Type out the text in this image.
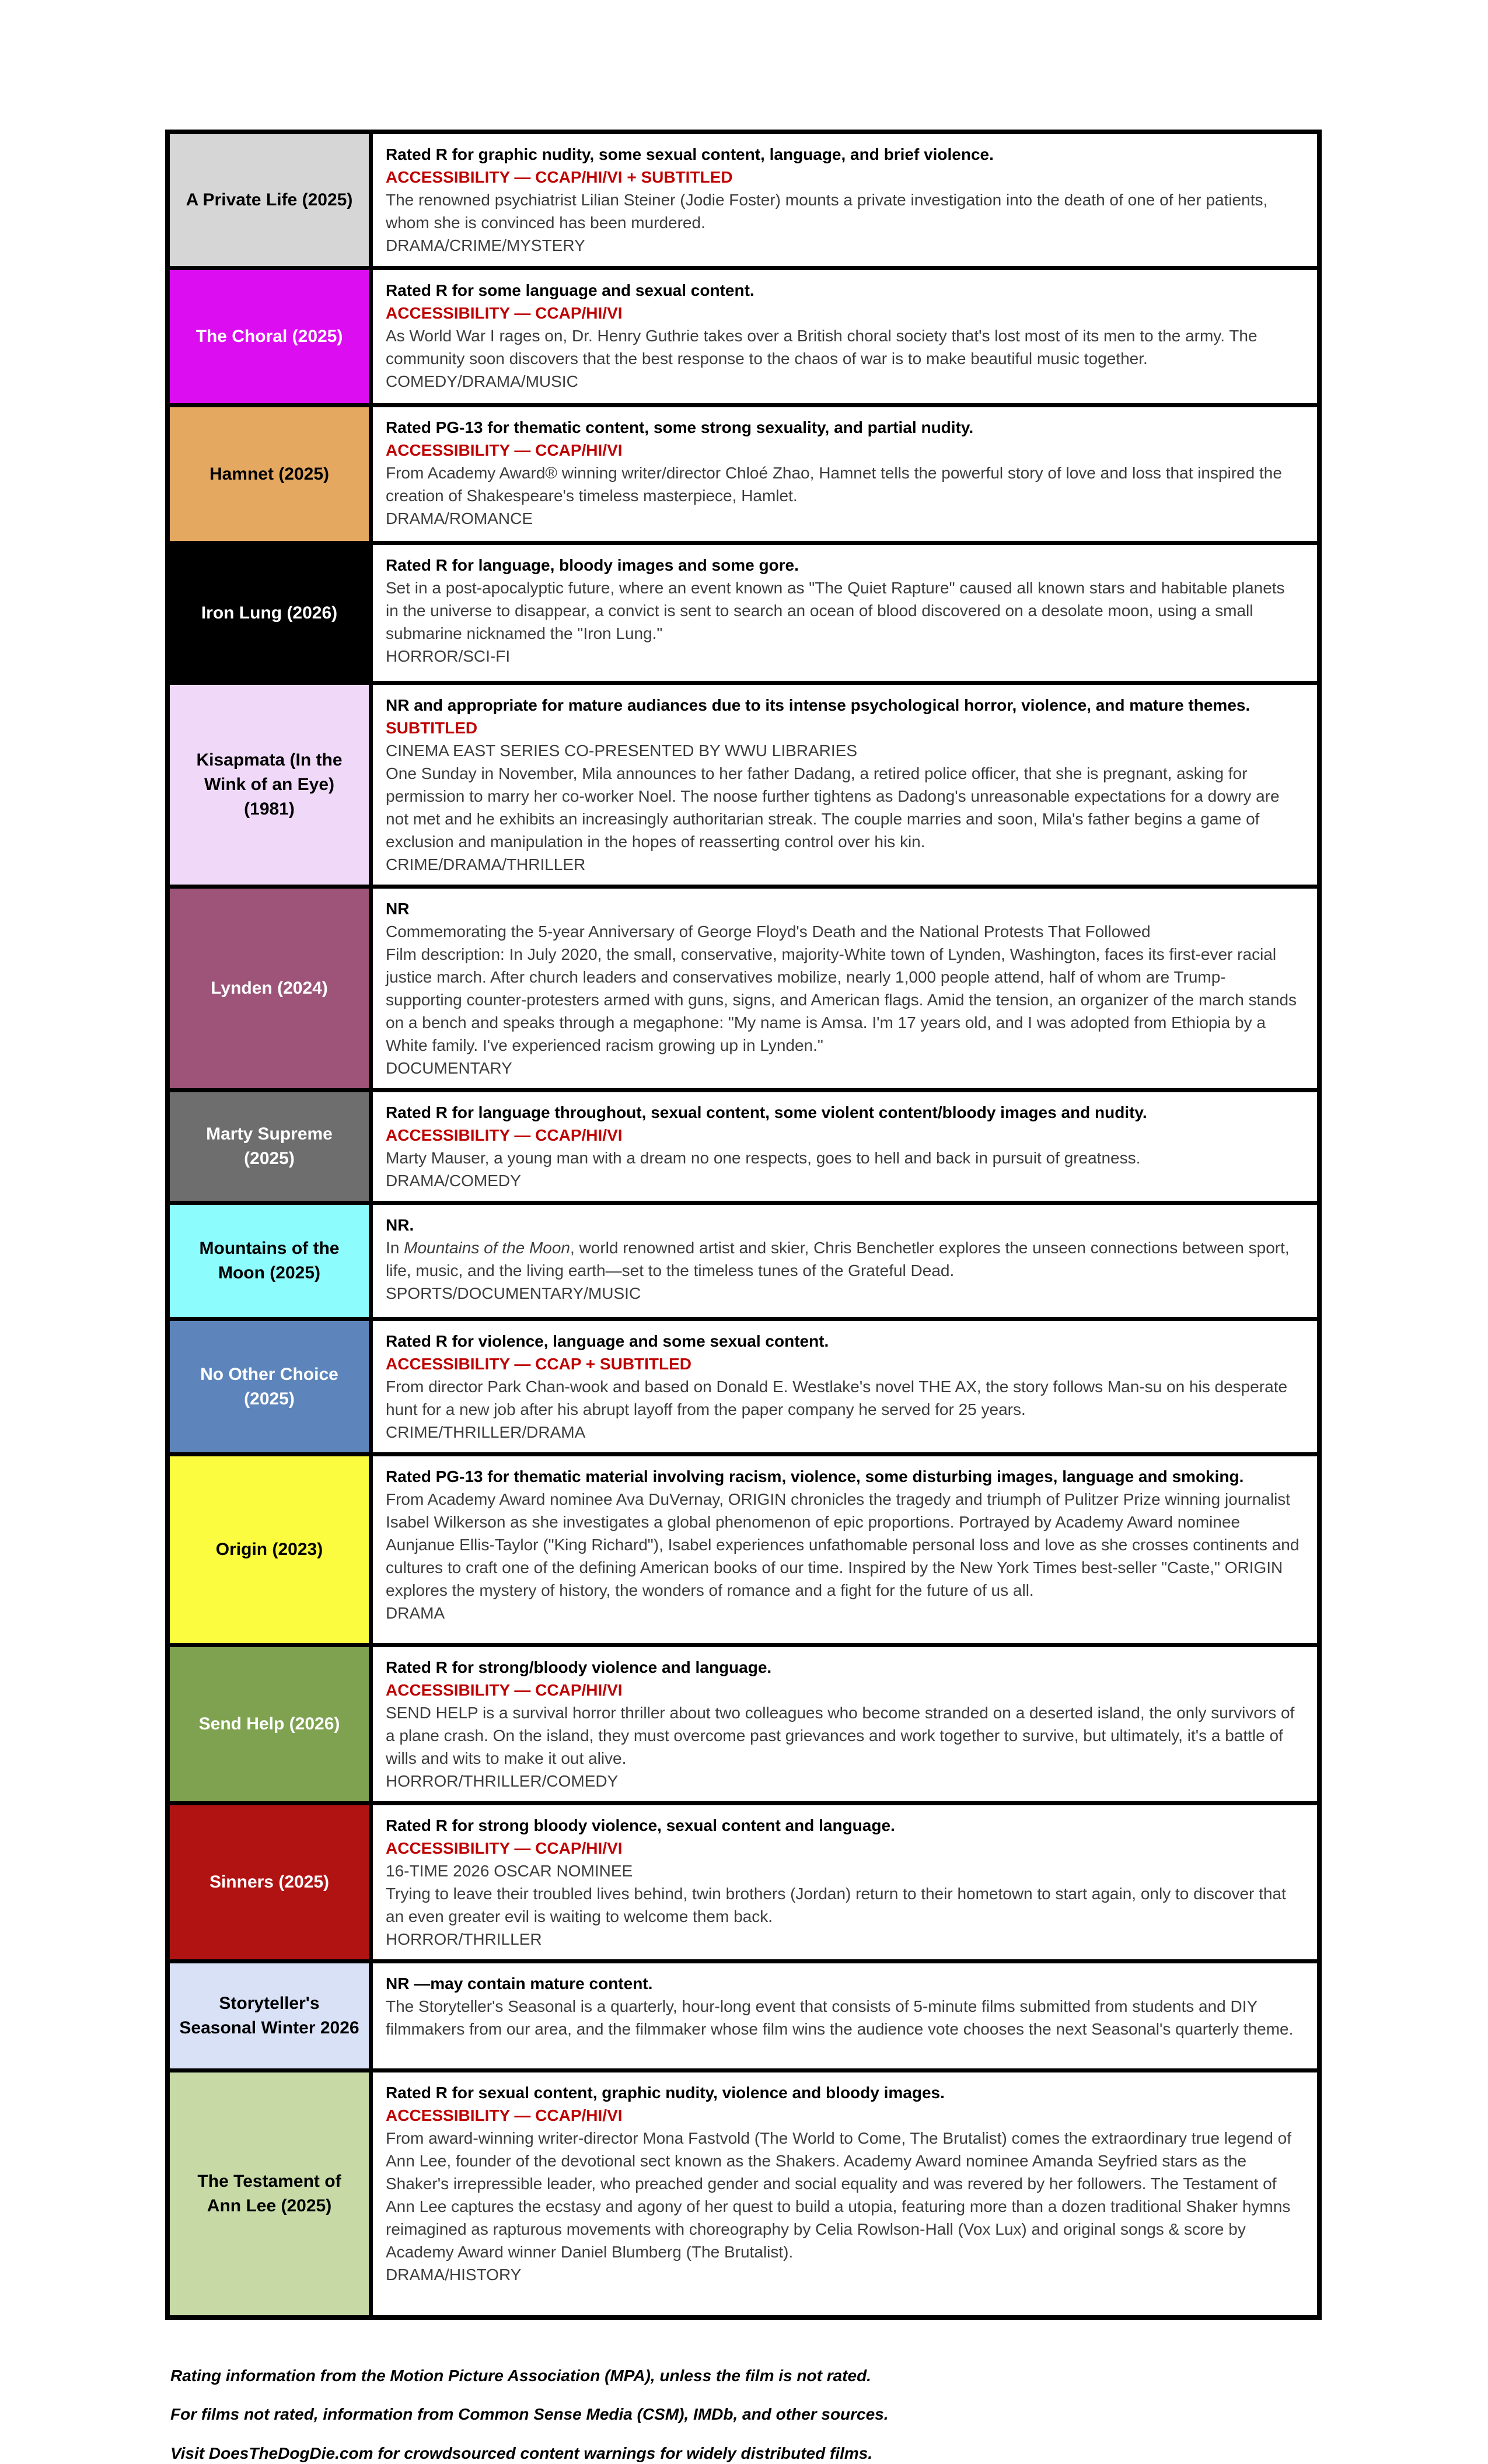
A Private Life (2025)

Rated R for graphic nudity, some sexual content, language, and brief violence.

ACCESSIBILITY — CCAP/HI/VI + SUBTITLED

The renowned psychiatrist Lilian Steiner (Jodie Foster) mounts a private investigation into the death of one of her patients, whom she is convinced has been murdered.

DRAMA/CRIME/MYSTERY

The Choral (2025)

Rated R for some language and sexual content.

ACCESSIBILITY — CCAP/HI/VI

As World War I rages on, Dr. Henry Guthrie takes over a British choral society that's lost most of its men to the army. The community soon discovers that the best response to the chaos of war is to make beautiful music together.

COMEDY/DRAMA/MUSIC

Hamnet (2025)

Rated PG-13 for thematic content, some strong sexuality, and partial nudity.

ACCESSIBILITY — CCAP/HI/VI

From Academy Award® winning writer/director Chloé Zhao, Hamnet tells the powerful story of love and loss that inspired the creation of Shakespeare's timeless masterpiece, Hamlet.

DRAMA/ROMANCE

Iron Lung (2026)

Rated R for language, bloody images and some gore.

Set in a post-apocalyptic future, where an event known as "The Quiet Rapture" caused all known stars and habitable planets in the universe to disappear, a convict is sent to search an ocean of blood discovered on a desolate moon, using a small submarine nicknamed the "Iron Lung."

HORROR/SCI-FI

Kisapmata (In the Wink of an Eye) (1981)

NR and appropriate for mature audiances due to its intense psychological horror, violence, and mature themes.

SUBTITLED

CINEMA EAST SERIES CO-PRESENTED BY WWU LIBRARIES

One Sunday in November, Mila announces to her father Dadang, a retired police officer, that she is pregnant, asking for permission to marry her co-worker Noel. The noose further tightens as Dadong's unreasonable expectations for a dowry are not met and he exhibits an increasingly authoritarian streak. The couple marries and soon, Mila's father begins a game of exclusion and manipulation in the hopes of reasserting control over his kin.

CRIME/DRAMA/THRILLER

Lynden (2024)

NR

Commemorating the 5-year Anniversary of George Floyd's Death and the National Protests That Followed

Film description: In July 2020, the small, conservative, majority-White town of Lynden, Washington, faces its first-ever racial justice march. After church leaders and conservatives mobilize, nearly 1,000 people attend, half of whom are Trump-supporting counter-protesters armed with guns, signs, and American flags. Amid the tension, an organizer of the march stands on a bench and speaks through a megaphone: "My name is Amsa. I'm 17 years old, and I was adopted from Ethiopia by a White family. I've experienced racism growing up in Lynden."

DOCUMENTARY

Marty Supreme (2025)

Rated R for language throughout, sexual content, some violent content/bloody images and nudity.

ACCESSIBILITY — CCAP/HI/VI

Marty Mauser, a young man with a dream no one respects, goes to hell and back in pursuit of greatness.

DRAMA/COMEDY

Mountains of the Moon (2025)

NR.

In Mountains of the Moon, world renowned artist and skier, Chris Benchetler explores the unseen connections between sport, life, music, and the living earth—set to the timeless tunes of the Grateful Dead.

SPORTS/DOCUMENTARY/MUSIC

No Other Choice (2025)

Rated R for violence, language and some sexual content.

ACCESSIBILITY — CCAP + SUBTITLED

From director Park Chan-wook and based on Donald E. Westlake's novel THE AX, the story follows Man-su on his desperate hunt for a new job after his abrupt layoff from the paper company he served for 25 years.

CRIME/THRILLER/DRAMA

Origin (2023)

Rated PG-13 for thematic material involving racism, violence, some disturbing images, language and smoking.

From Academy Award nominee Ava DuVernay, ORIGIN chronicles the tragedy and triumph of Pulitzer Prize winning journalist Isabel Wilkerson as she investigates a global phenomenon of epic proportions. Portrayed by Academy Award nominee Aunjanue Ellis-Taylor ("King Richard"), Isabel experiences unfathomable personal loss and love as she crosses continents and cultures to craft one of the defining American books of our time. Inspired by the New York Times best-seller "Caste," ORIGIN explores the mystery of history, the wonders of romance and a fight for the future of us all.

DRAMA

Send Help (2026)

Rated R for strong/bloody violence and language.

ACCESSIBILITY — CCAP/HI/VI

SEND HELP is a survival horror thriller about two colleagues who become stranded on a deserted island, the only survivors of a plane crash. On the island, they must overcome past grievances and work together to survive, but ultimately, it's a battle of wills and wits to make it out alive.

HORROR/THRILLER/COMEDY

Sinners (2025)

Rated R for strong bloody violence, sexual content and language.

ACCESSIBILITY — CCAP/HI/VI

16-TIME 2026 OSCAR NOMINEE

Trying to leave their troubled lives behind, twin brothers (Jordan) return to their hometown to start again, only to discover that an even greater evil is waiting to welcome them back.

HORROR/THRILLER

Storyteller's Seasonal Winter 2026

NR —may contain mature content.

The Storyteller's Seasonal is a quarterly, hour-long event that consists of 5-minute films submitted from students and DIY filmmakers from our area, and the filmmaker whose film wins the audience vote chooses the next Seasonal's quarterly theme.

The Testament of Ann Lee (2025)

Rated R for sexual content, graphic nudity, violence and bloody images.

ACCESSIBILITY — CCAP/HI/VI

From award-winning writer-director Mona Fastvold (The World to Come, The Brutalist) comes the extraordinary true legend of Ann Lee, founder of the devotional sect known as the Shakers. Academy Award nominee Amanda Seyfried stars as the Shaker's irrepressible leader, who preached gender and social equality and was revered by her followers. The Testament of Ann Lee captures the ecstasy and agony of her quest to build a utopia, featuring more than a dozen traditional Shaker hymns reimagined as rapturous movements with choreography by Celia Rowlson-Hall (Vox Lux) and original songs & score by Academy Award winner Daniel Blumberg (The Brutalist).

DRAMA/HISTORY

Rating information from the Motion Picture Association (MPA), unless the film is not rated.

For films not rated, information from Common Sense Media (CSM), IMDb, and other sources.

Visit DoesTheDogDie.com for crowdsourced content warnings for widely distributed films.
